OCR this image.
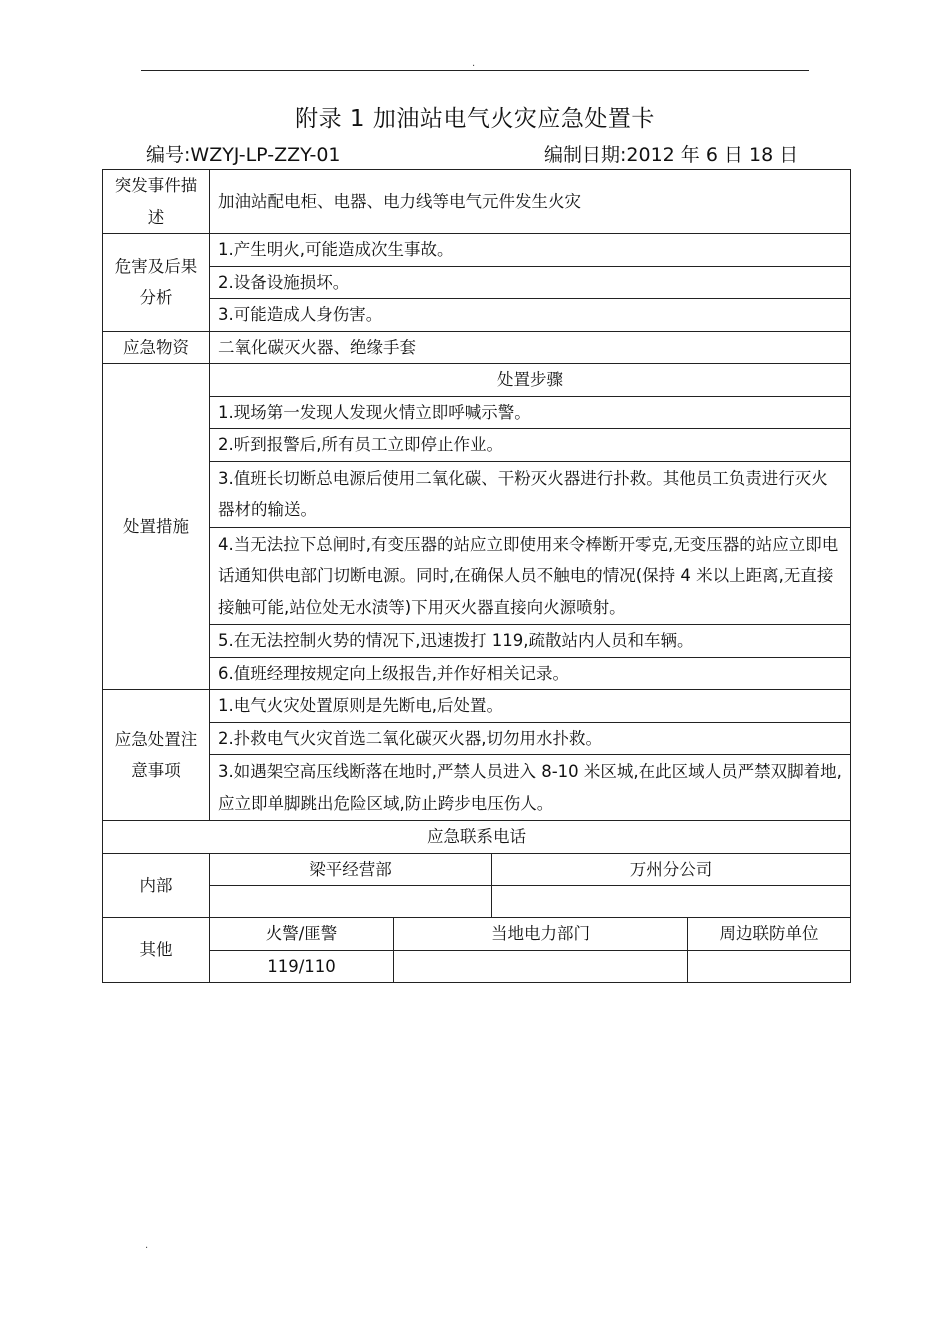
.
.
附录 1 加油站电气火灾应急处置卡
编号:WZYJ-LP-ZZY-01	编制日期:2012 年 6 日 18 日
突发事件描述	加油站配电柜、电器、电力线等电气元件发生火灾			
危害及后果分析	1.产生明火,可能造成次生事故。			
	2.设备设施损坏。			
	3.可能造成人身伤害。			
应急物资	二氧化碳灭火器、绝缘手套			
处置措施	处置步骤			
	1.现场第一发现人发现火情立即呼喊示警。			
	2.听到报警后,所有员工立即停止作业。			
	3.值班长切断总电源后使用二氧化碳、干粉灭火器进行扑救。其他员工负责进行灭火器材的输送。			
	4.当无法拉下总闸时,有变压器的站应立即使用来令棒断开零克,无变压器的站应立即电话通知供电部门切断电源。同时,在确保人员不触电的情况(保持 4 米以上距离,无直接接触可能,站位处无水渍等)下用灭火器直接向火源喷射。			
	5.在无法控制火势的情况下,迅速拨打 119,疏散站内人员和车辆。			
	6.值班经理按规定向上级报告,并作好相关记录。			
应急处置注意事项	1.电气火灾处置原则是先断电,后处置。			
	2.扑救电气火灾首选二氧化碳灭火器,切勿用水扑救。			
	3.如遇架空高压线断落在地时,严禁人员进入 8-10 米区城,在此区域人员严禁双脚着地,应立即单脚跳出危险区域,防止跨步电压伤人。			
应急联系电话				
内部	梁平经营部		万州分公司	

其他	火警/匪警	当地电力部门		周边联防单位
	119/110			
